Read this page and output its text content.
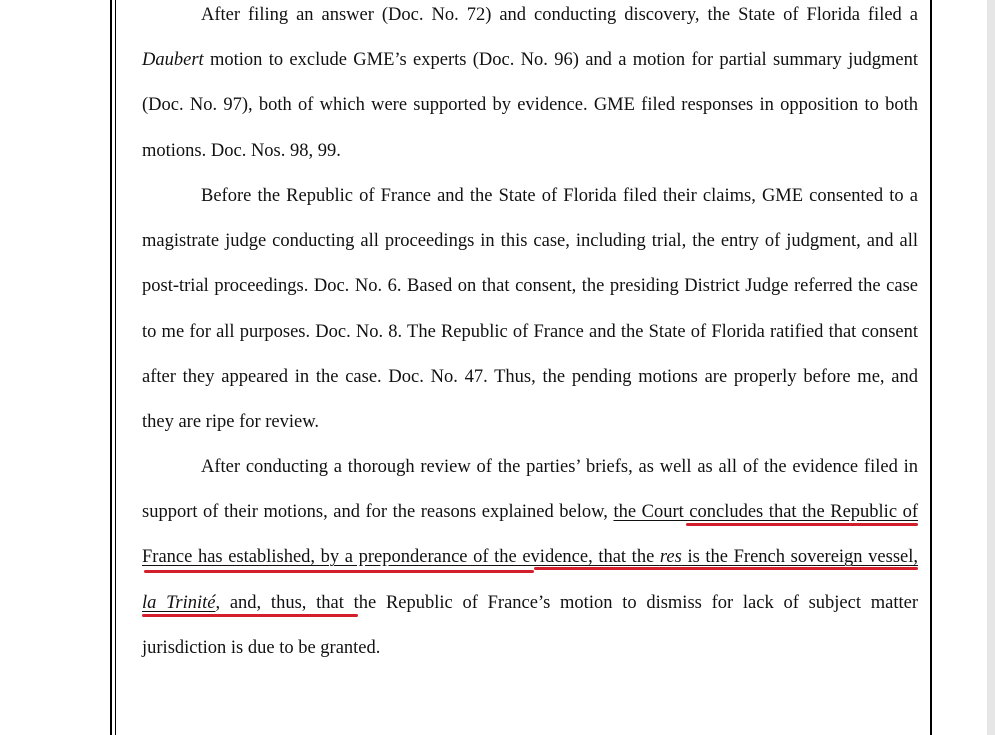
After filing an answer (Doc. No. 72) and conducting discovery, the State of Florida filed a Daubert motion to exclude GME’s experts (Doc. No. 96) and a motion for partial summary judgment (Doc. No. 97), both of which were supported by evidence. GME filed responses in opposition to both motions. Doc. Nos. 98, 99.

Before the Republic of France and the State of Florida filed their claims, GME consented to a magistrate judge conducting all proceedings in this case, including trial, the entry of judgment, and all post-trial proceedings. Doc. No. 6. Based on that consent, the presiding District Judge referred the case to me for all purposes. Doc. No. 8. The Republic of France and the State of Florida ratified that consent after they appeared in the case. Doc. No. 47. Thus, the pending motions are properly before me, and they are ripe for review.

After conducting a thorough review of the parties’ briefs, as well as all of the evidence filed in support of their motions, and for the reasons explained below, the Court concludes that the Republic of France has established, by a preponderance of the evidence, that the res is the French sovereign vessel, la Trinité, and, thus, that the Republic of France’s motion to dismiss for lack of subject matter jurisdiction is due to be granted.
